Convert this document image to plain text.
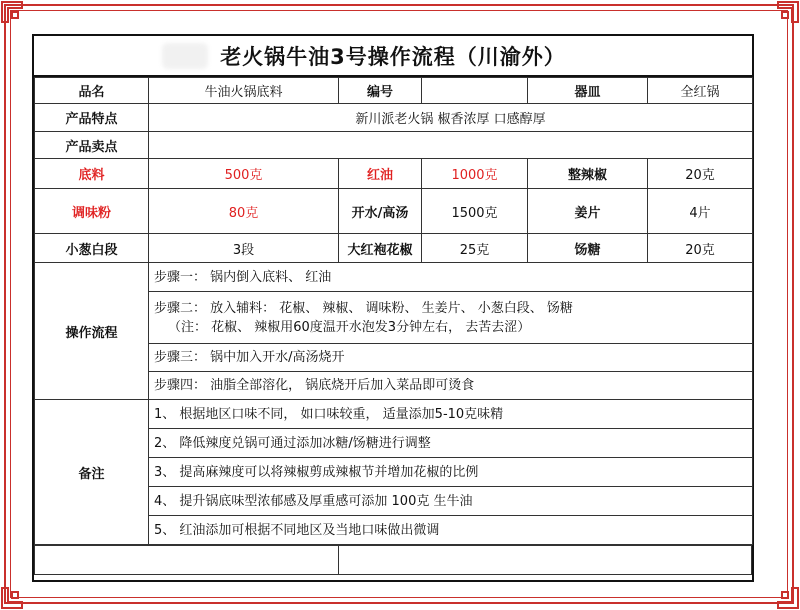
老火锅牛油3号操作流程（川渝外）
品名	牛油火锅底料	编号		器皿	全红锅
产品特点	新川派老火锅 椒香浓厚 口感醇厚				
产品卖点					
底料	500克	红油	1000克	整辣椒	20克
调味粉	80克	开水/高汤	1500克	姜片	4片
小葱白段	3段	大红袍花椒	25克	饧糖	20克
操作流程	步骤一： 锅内倒入底料、 红油				

	步骤二： 放入辅料： 花椒、 辣椒、 调味粉、 生姜片、 小葱白段、 饧糖
（注： 花椒、 辣椒用60度温开水泡发3分钟左右， 去苦去涩）				

	步骤三： 锅中加入开水/高汤烧开				
	步骤四： 油脂全部溶化， 锅底烧开后加入菜品即可烫食				
备注	1、 根据地区口味不同， 如口味较重， 适量添加5-10克味精				
	2、 降低辣度兑锅可通过添加冰糖/饧糖进行调整				
	3、 提高麻辣度可以将辣椒剪成辣椒节并增加花椒的比例				
	4、 提升锅底味型浓郁感及厚重感可添加 100克 生牛油				
	5、 红油添加可根据不同地区及当地口味做出微调				
